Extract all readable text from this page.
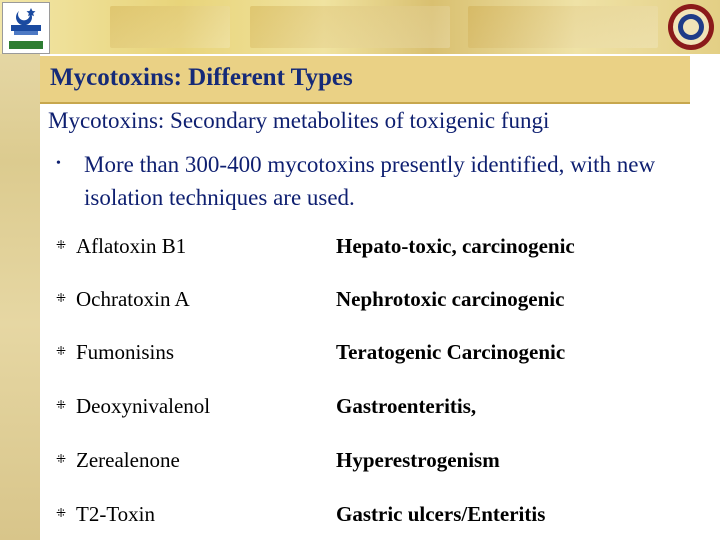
Mycotoxins: Different Types
Mycotoxins: Secondary metabolites of toxigenic fungi
• More than 300-400 mycotoxins presently identified, with new isolation techniques are used.
⁜ Aflatoxin B1	Hepato-toxic, carcinogenic
⁜ Ochratoxin A	Nephrotoxic carcinogenic
⁜ Fumonisins	Teratogenic Carcinogenic
⁜ Deoxynivalenol	Gastroenteritis,
⁜ Zerealenone	Hyperestrogenism
⁜ T2-Toxin	Gastric ulcers/Enteritis
